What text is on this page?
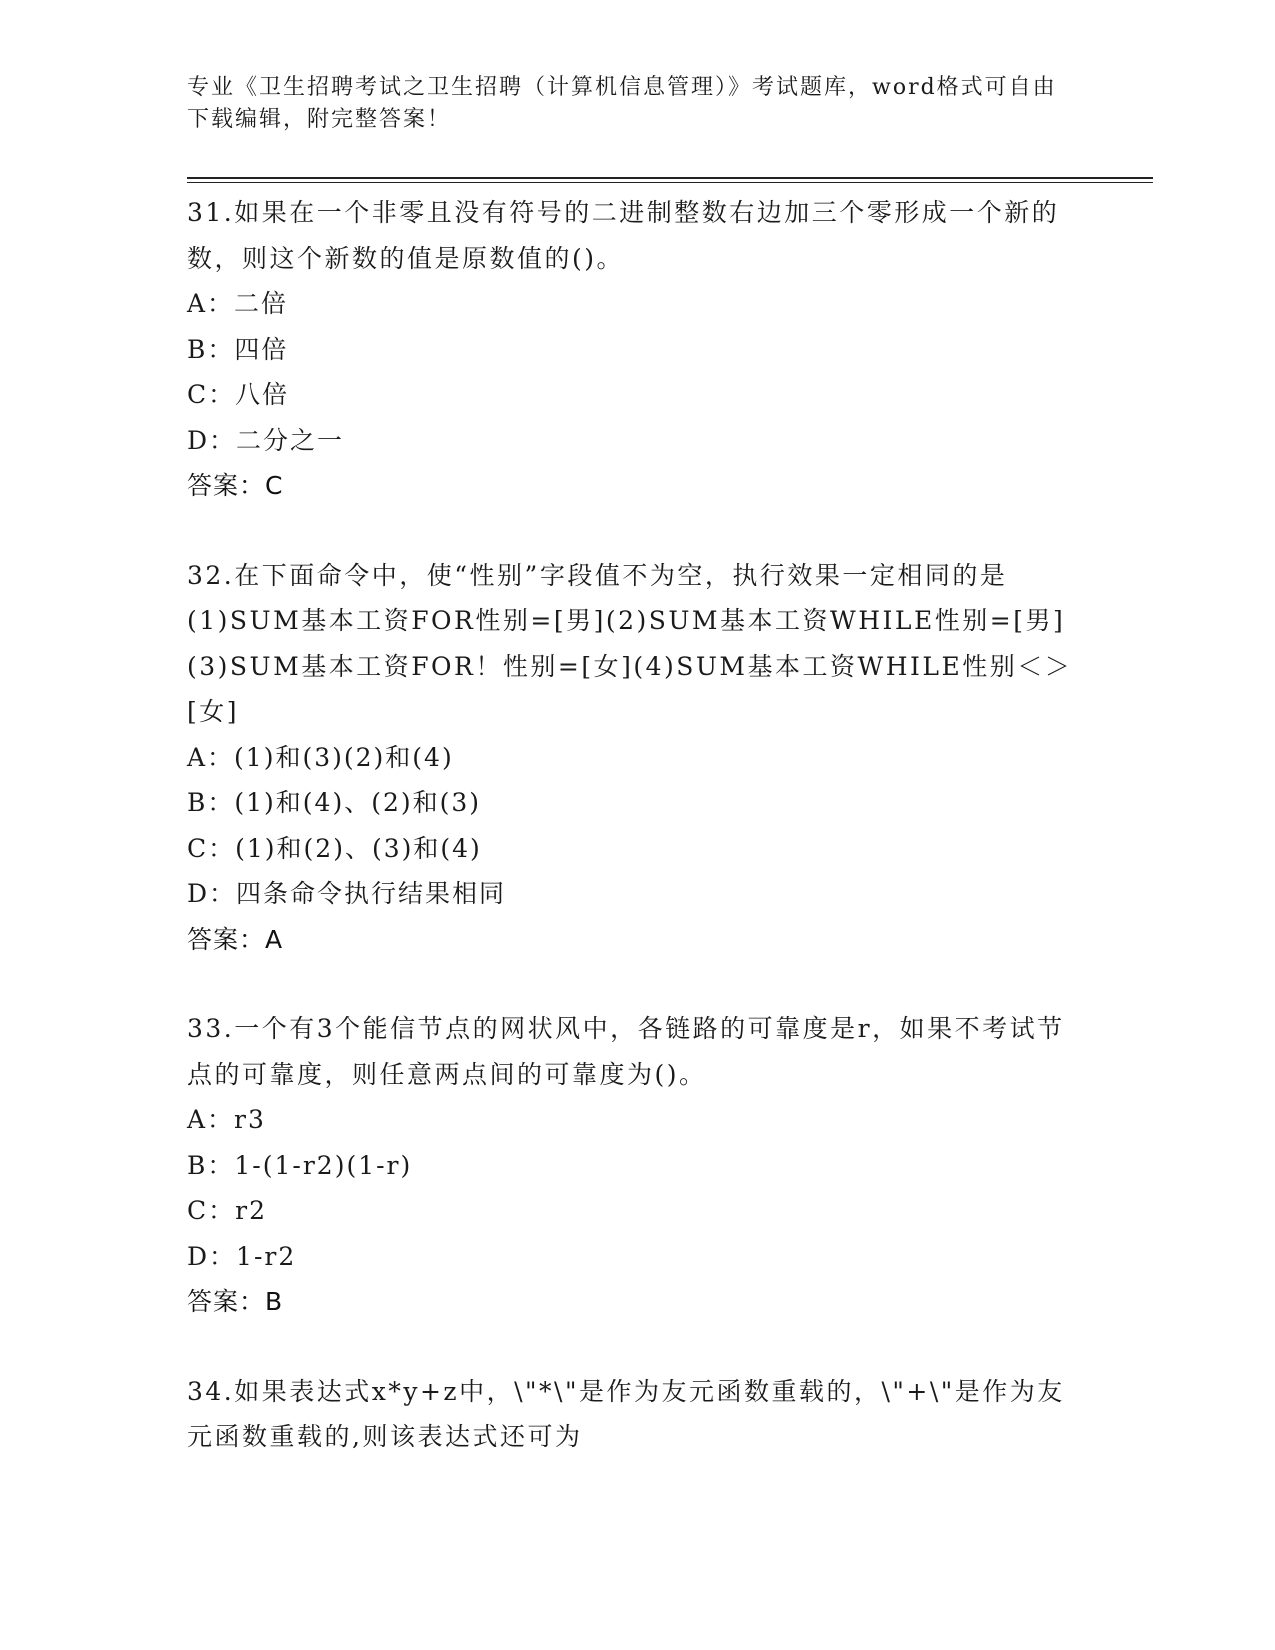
专业《卫生招聘考试之卫生招聘（计算机信息管理）》考试题库，word格式可自由下载编辑，附完整答案！

31.如果在一个非零且没有符号的二进制整数右边加三个零形成一个新的数，则这个新数的值是原数值的()。

A：二倍

B：四倍

C：八倍

D：二分之一

答案：C

32.在下面命令中，使“性别”字段值不为空，执行效果一定相同的是(1)SUM基本工资FOR性别=[男](2)SUM基本工资WHILE性别=[男](3)SUM基本工资FOR！性别=[女](4)SUM基本工资WHILE性别＜＞[女]

A：(1)和(3)(2)和(4)

B：(1)和(4)、(2)和(3)

C：(1)和(2)、(3)和(4)

D：四条命令执行结果相同

答案：A

33.一个有3个能信节点的网状风中，各链路的可靠度是r，如果不考试节点的可靠度，则任意两点间的可靠度为()。

A：r3

B：1-(1-r2)(1-r)

C：r2

D：1-r2

答案：B

34.如果表达式x*y+z中，\"*\"是作为友元函数重载的，\"+\"是作为友元函数重载的,则该表达式还可为
